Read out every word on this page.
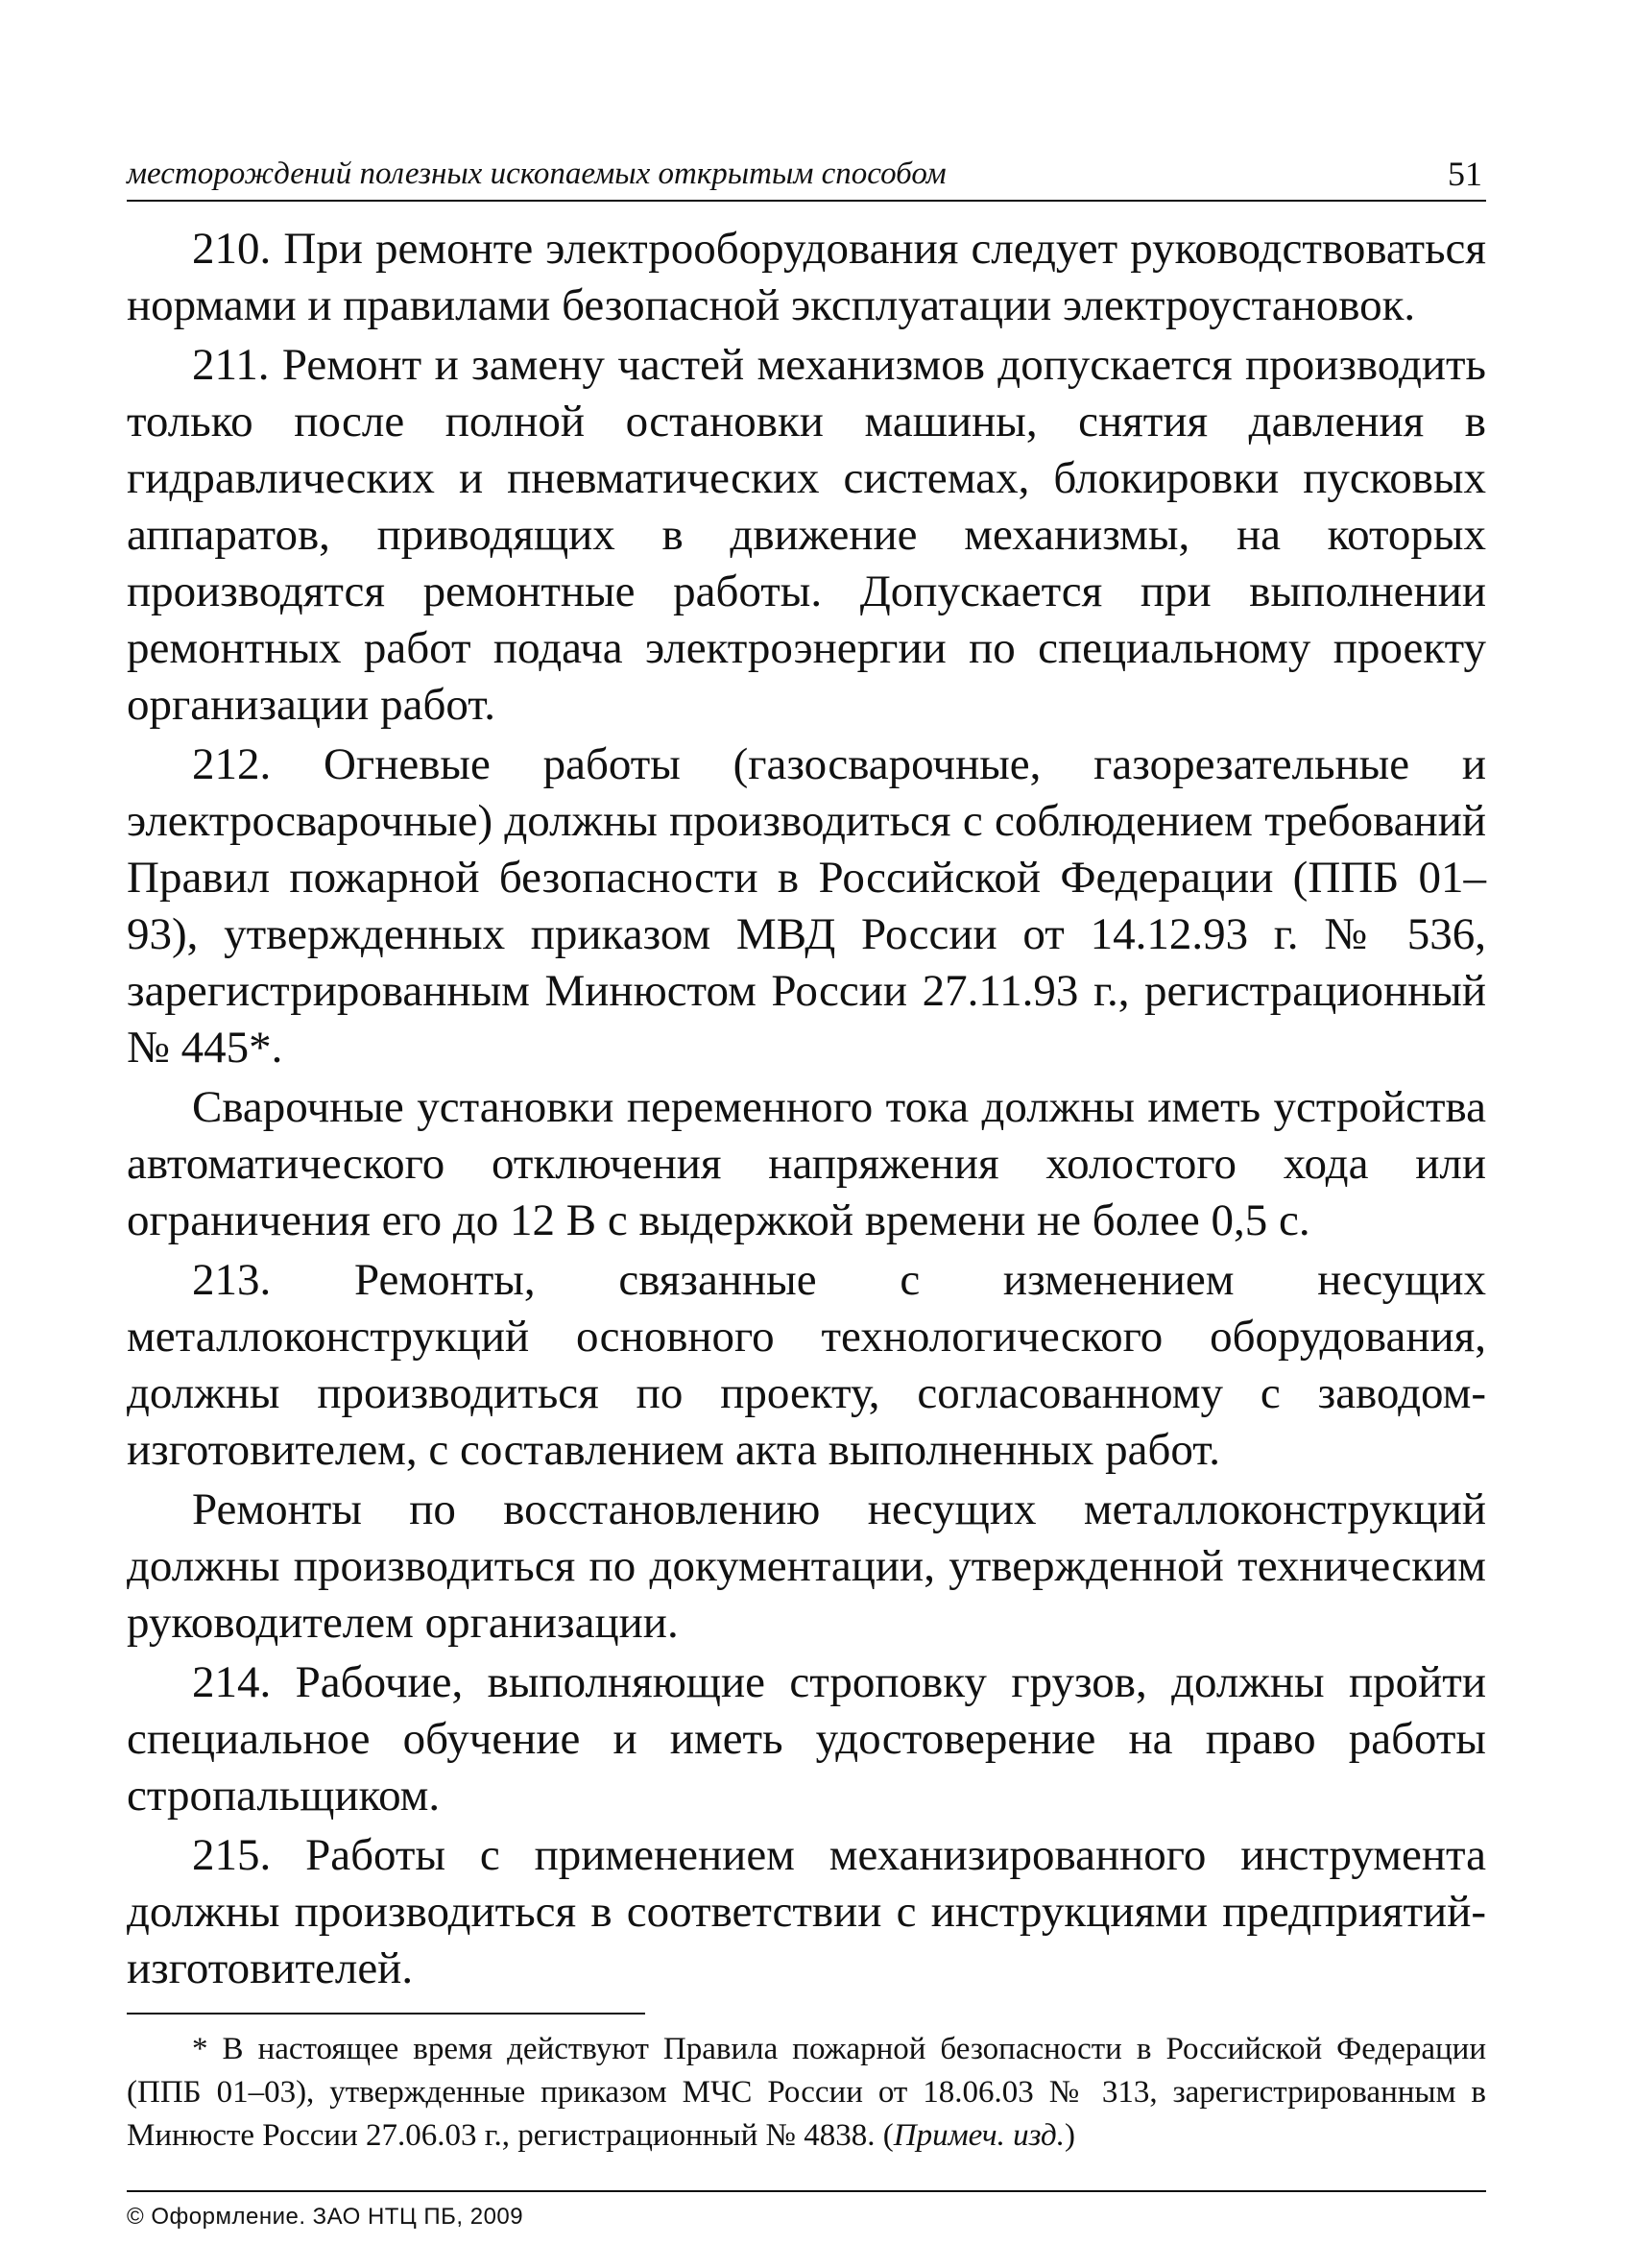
месторождений полезных ископаемых открытым способом	51

210. При ремонте электрооборудования следует руководствоваться нормами и правилами безопасной эксплуатации электроустановок.

211. Ремонт и замену частей механизмов допускается производить только после полной остановки машины, снятия давления в гидравлических и пневматических системах, блокировки пусковых аппаратов, приводящих в движение механизмы, на которых производятся ремонтные работы. Допускается при выполнении ремонтных работ подача электроэнергии по специальному проекту организации работ.

212. Огневые работы (газосварочные, газорезательные и электросварочные) должны производиться с соблюдением требований Правил пожарной безопасности в Российской Федерации (ППБ 01–93), утвержденных приказом МВД России от 14.12.93 г. № 536, зарегистрированным Минюстом России 27.11.93 г., регистрационный № 445*.

Сварочные установки переменного тока должны иметь устройства автоматического отключения напряжения холостого хода или ограничения его до 12 В с выдержкой времени не более 0,5 с.

213. Ремонты, связанные с изменением несущих металлоконструкций основного технологического оборудования, должны производиться по проекту, согласованному с заводом-изготовителем, с составлением акта выполненных работ.

Ремонты по восстановлению несущих металлоконструкций должны производиться по документации, утвержденной техническим руководителем организации.

214. Рабочие, выполняющие строповку грузов, должны пройти специальное обучение и иметь удостоверение на право работы стропальщиком.

215. Работы с применением механизированного инструмента должны производиться в соответствии с инструкциями предприятий-изготовителей.

* В настоящее время действуют Правила пожарной безопасности в Российской Федерации (ППБ 01–03), утвержденные приказом МЧС России от 18.06.03 № 313, зарегистрированным в Минюсте России 27.06.03 г., регистрационный № 4838. (Примеч. изд.)
© Оформление. ЗАО НТЦ ПБ, 2009
